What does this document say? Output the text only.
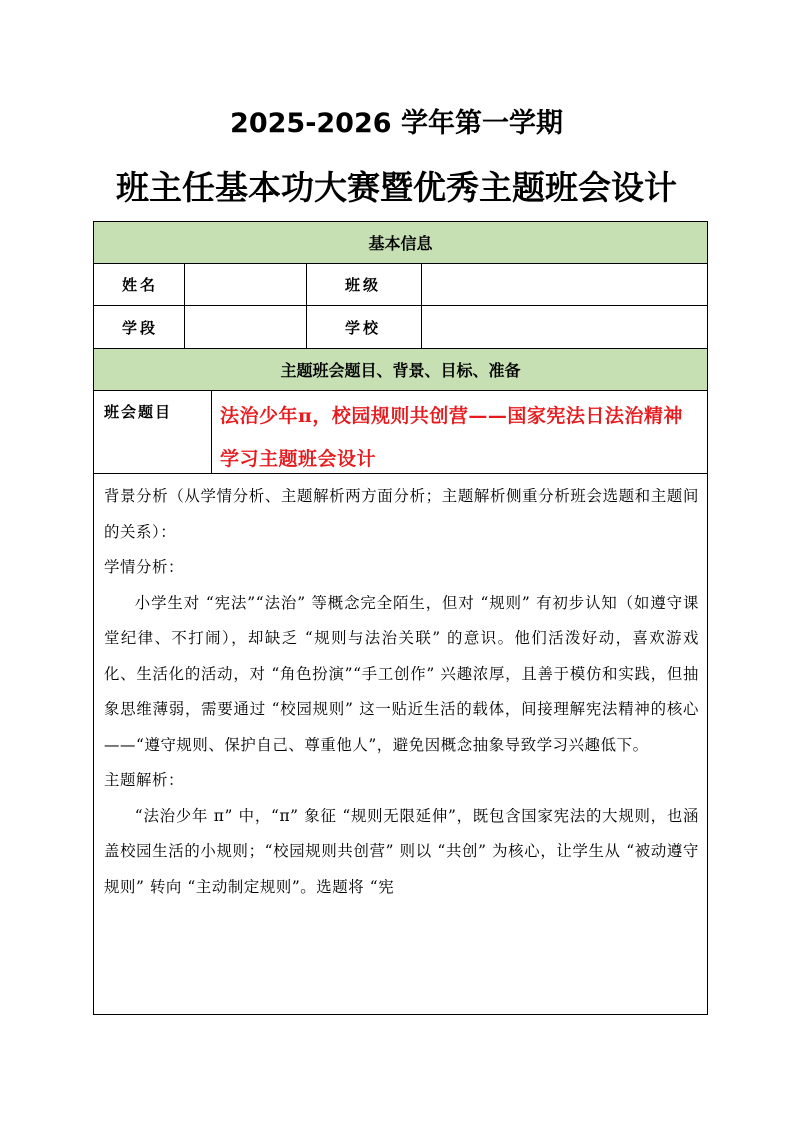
2025-2026 学年第一学期
班主任基本功大赛暨优秀主题班会设计
基本信息
姓名	班级
学段	学校
主题班会题目、背景、目标、准备
班会题目	法治少年π，校园规则共创营——国家宪法日法治精神学习主题班会设计

背景分析（从学情分析、主题解析两方面分析；主题解析侧重分析班会选题和主题间的关系）：

学情分析：

小学生对 “宪法”“法治” 等概念完全陌生，但对 “规则” 有初步认知（如遵守课堂纪律、不打闹），却缺乏 “规则与法治关联” 的意识。他们活泼好动，喜欢游戏化、生活化的活动，对 “角色扮演”“手工创作” 兴趣浓厚，且善于模仿和实践，但抽象思维薄弱，需要通过 “校园规则” 这一贴近生活的载体，间接理解宪法精神的核心 ——“遵守规则、保护自己、尊重他人”，避免因概念抽象导致学习兴趣低下。

主题解析：

“法治少年 π” 中，“π” 象征 “规则无限延伸”，既包含国家宪法的大规则，也涵盖校园生活的小规则；“校园规则共创营” 则以 “共创” 为核心，让学生从 “被动遵守规则” 转向 “主动制定规则”。选题将 “宪
